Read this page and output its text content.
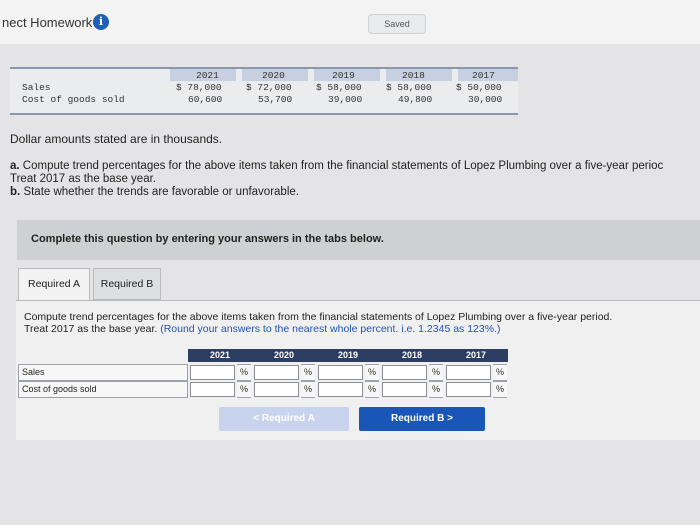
nect Homework i	Saved
2021	2020	2019	2018	2017
Sales	$ 78,000	$ 72,000	$ 58,000	$ 58,000	$ 50,000
Cost of goods sold	60,600	53,700	39,000	49,800	30,000
Dollar amounts stated are in thousands.
a. Compute trend percentages for the above items taken from the financial statements of Lopez Plumbing over a five-year perioc
Treat 2017 as the base year.
b. State whether the trends are favorable or unfavorable.
Complete this question by entering your answers in the tabs below.
Required A	Required B
Compute trend percentages for the above items taken from the financial statements of Lopez Plumbing over a five-year period.
Treat 2017 as the base year. (Round your answers to the nearest whole percent. i.e. 1.2345 as 123%.)
2021	2020	2019	2018	2017
Sales	%	%	%	%	%
Cost of goods sold	%	%	%	%	%
< Required A	Required B >
